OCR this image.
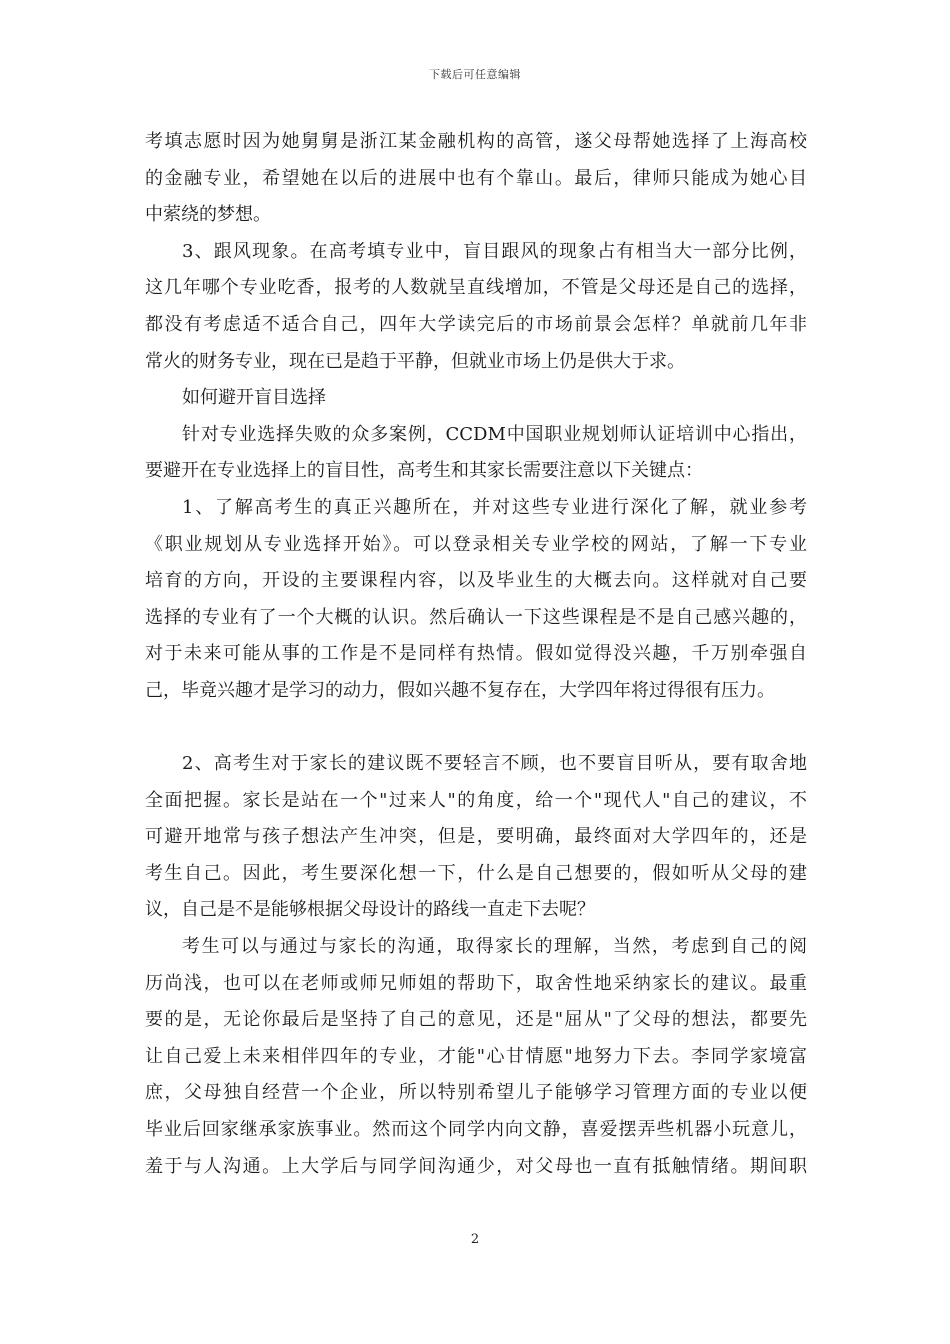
下载后可任意编辑
考填志愿时因为她舅舅是浙江某金融机构的高管，遂父母帮她选择了上海高校
的金融专业，希望她在以后的进展中也有个靠山。最后，律师只能成为她心目
中萦绕的梦想。
3、跟风现象。在高考填专业中，盲目跟风的现象占有相当大一部分比例，
这几年哪个专业吃香，报考的人数就呈直线增加，不管是父母还是自己的选择，
都没有考虑适不适合自己，四年大学读完后的市场前景会怎样？单就前几年非
常火的财务专业，现在已是趋于平静，但就业市场上仍是供大于求。
如何避开盲目选择
针对专业选择失败的众多案例，CCDM中国职业规划师认证培训中心指出，
要避开在专业选择上的盲目性，高考生和其家长需要注意以下关键点：
1、了解高考生的真正兴趣所在，并对这些专业进行深化了解，就业参考
《职业规划从专业选择开始》。可以登录相关专业学校的网站，了解一下专业
培育的方向，开设的主要课程内容，以及毕业生的大概去向。这样就对自己要
选择的专业有了一个大概的认识。然后确认一下这些课程是不是自己感兴趣的，
对于未来可能从事的工作是不是同样有热情。假如觉得没兴趣，千万别牵强自
己，毕竟兴趣才是学习的动力，假如兴趣不复存在，大学四年将过得很有压力。
2、高考生对于家长的建议既不要轻言不顾，也不要盲目听从，要有取舍地
全面把握。家长是站在一个"过来人"的角度，给一个"现代人"自己的建议，不
可避开地常与孩子想法产生冲突，但是，要明确，最终面对大学四年的，还是
考生自己。因此，考生要深化想一下，什么是自己想要的，假如听从父母的建
议，自己是不是能够根据父母设计的路线一直走下去呢？
考生可以与通过与家长的沟通，取得家长的理解，当然，考虑到自己的阅
历尚浅，也可以在老师或师兄师姐的帮助下，取舍性地采纳家长的建议。最重
要的是，无论你最后是坚持了自己的意见，还是"屈从"了父母的想法，都要先
让自己爱上未来相伴四年的专业，才能"心甘情愿"地努力下去。李同学家境富
庶，父母独自经营一个企业，所以特别希望儿子能够学习管理方面的专业以便
毕业后回家继承家族事业。然而这个同学内向文静，喜爱摆弄些机器小玩意儿，
羞于与人沟通。上大学后与同学间沟通少，对父母也一直有抵触情绪。期间职
2
